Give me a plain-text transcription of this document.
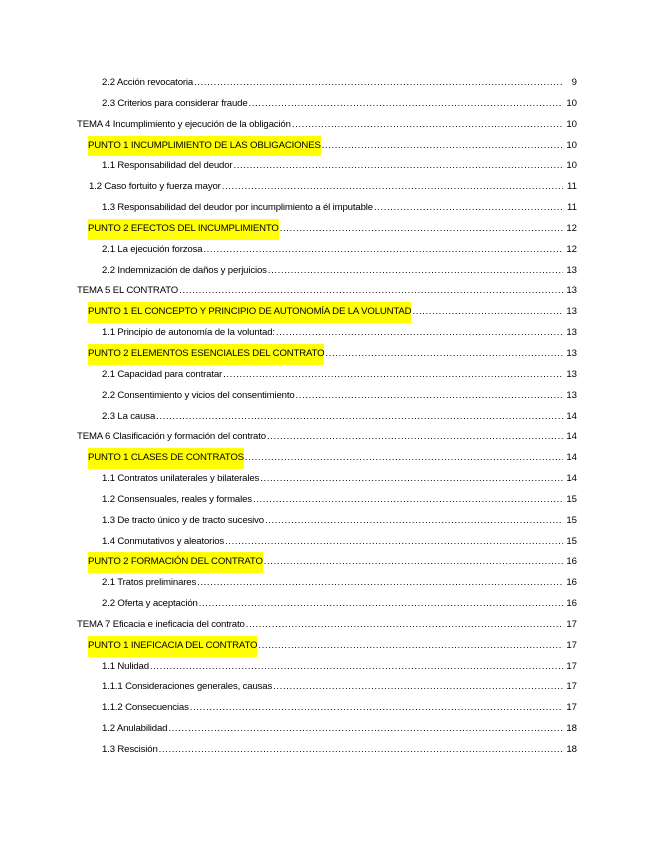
2.2 Acción revocatoria .....	9
2.3 Criterios para considerar fraude .....	10
TEMA 4 Incumplimiento y ejecución de la obligación .....	10
PUNTO 1 INCUMPLIMIENTO DE LAS OBLIGACIONES .....	10
1.1 Responsabilidad del deudor .....	10
1.2 Caso fortuito y fuerza mayor .....	11
1.3 Responsabilidad del deudor por incumplimiento a él imputable .....	11
PUNTO 2 EFECTOS DEL INCUMPLIMIENTO .....	12
2.1 La ejecución forzosa .....	12
2.2 Indemnización de daños y perjuicios .....	13
TEMA 5 EL CONTRATO .....	13
PUNTO 1 EL CONCEPTO Y PRINCIPIO DE AUTONOMÍA DE LA VOLUNTAD .....	13
1.1 Principio de autonomía de la voluntad: .....	13
PUNTO 2 ELEMENTOS ESENCIALES DEL CONTRATO .....	13
2.1 Capacidad para contratar .....	13
2.2 Consentimiento y vicios del consentimiento .....	13
2.3 La causa .....	14
TEMA 6 Clasificación y formación del contrato .....	14
PUNTO 1 CLASES DE CONTRATOS .....	14
1.1 Contratos unilaterales y bilaterales .....	14
1.2 Consensuales, reales y formales .....	15
1.3 De tracto único y de tracto sucesivo .....	15
1.4 Conmutativos y aleatorios .....	15
PUNTO 2 FORMACIÓN DEL CONTRATO .....	16
2.1 Tratos preliminares .....	16
2.2 Oferta y aceptación .....	16
TEMA 7 Eficacia e ineficacia del contrato .....	17
PUNTO 1 INEFICACIA DEL CONTRATO .....	17
1.1 Nulidad .....	17
1.1.1 Consideraciones generales, causas .....	17
1.1.2 Consecuencias .....	17
1.2 Anulabilidad .....	18
1.3 Rescisión .....	18
